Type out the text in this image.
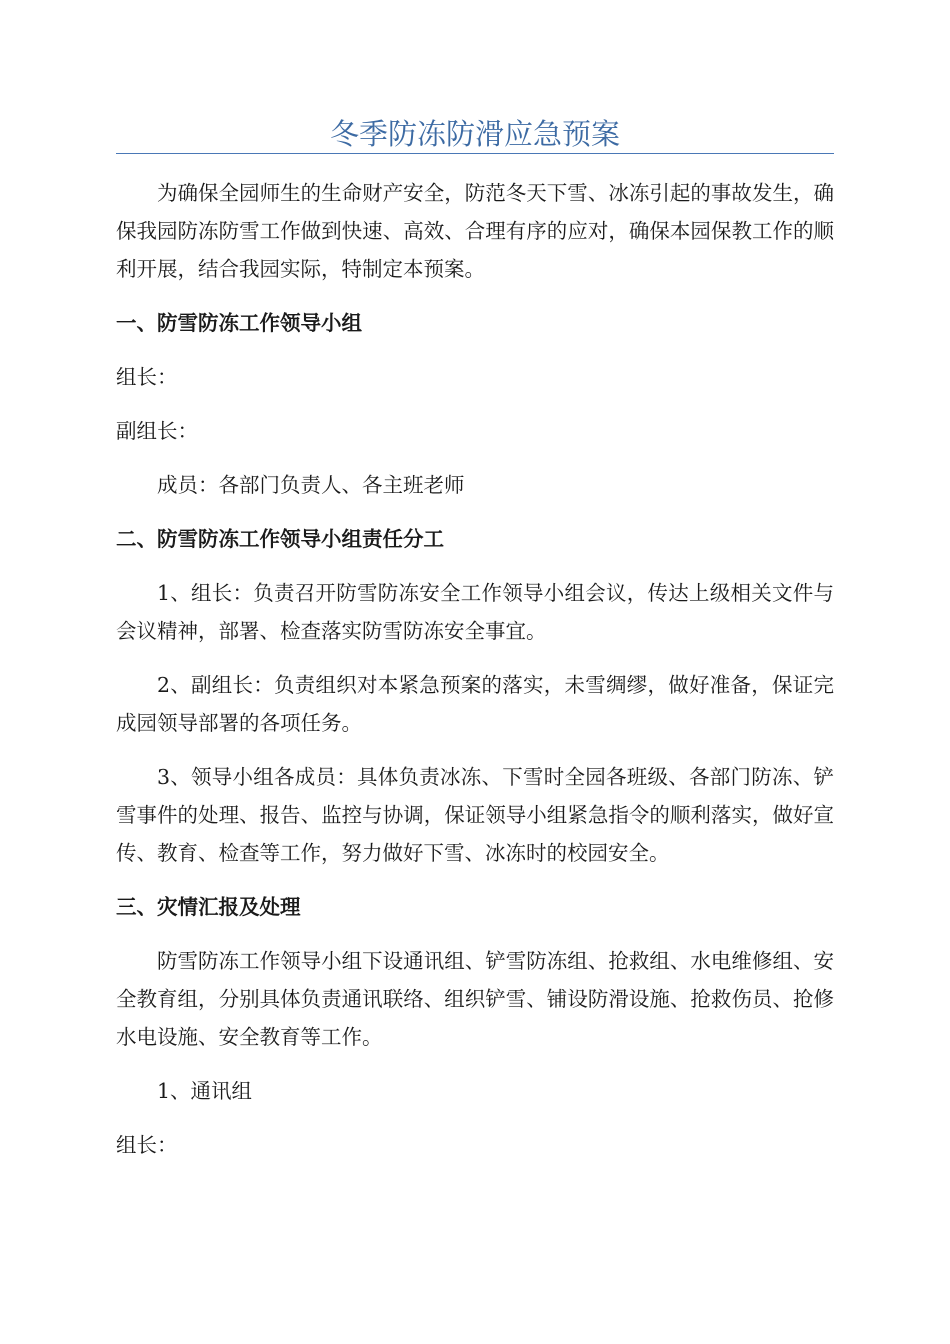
冬季防冻防滑应急预案

为确保全园师生的生命财产安全，防范冬天下雪、冰冻引起的事故发生，确保我园防冻防雪工作做到快速、高效、合理有序的应对，确保本园保教工作的顺利开展，结合我园实际，特制定本预案。

一、防雪防冻工作领导小组

组长：

副组长：

成员：各部门负责人、各主班老师

二、防雪防冻工作领导小组责任分工

1、组长：负责召开防雪防冻安全工作领导小组会议，传达上级相关文件与会议精神，部署、检查落实防雪防冻安全事宜。

2、副组长：负责组织对本紧急预案的落实，未雪绸缪，做好准备，保证完成园领导部署的各项任务。

3、领导小组各成员：具体负责冰冻、下雪时全园各班级、各部门防冻、铲雪事件的处理、报告、监控与协调，保证领导小组紧急指令的顺利落实，做好宣传、教育、检查等工作，努力做好下雪、冰冻时的校园安全。

三、灾情汇报及处理

防雪防冻工作领导小组下设通讯组、铲雪防冻组、抢救组、水电维修组、安全教育组，分别具体负责通讯联络、组织铲雪、铺设防滑设施、抢救伤员、抢修水电设施、安全教育等工作。

1、通讯组

组长：
